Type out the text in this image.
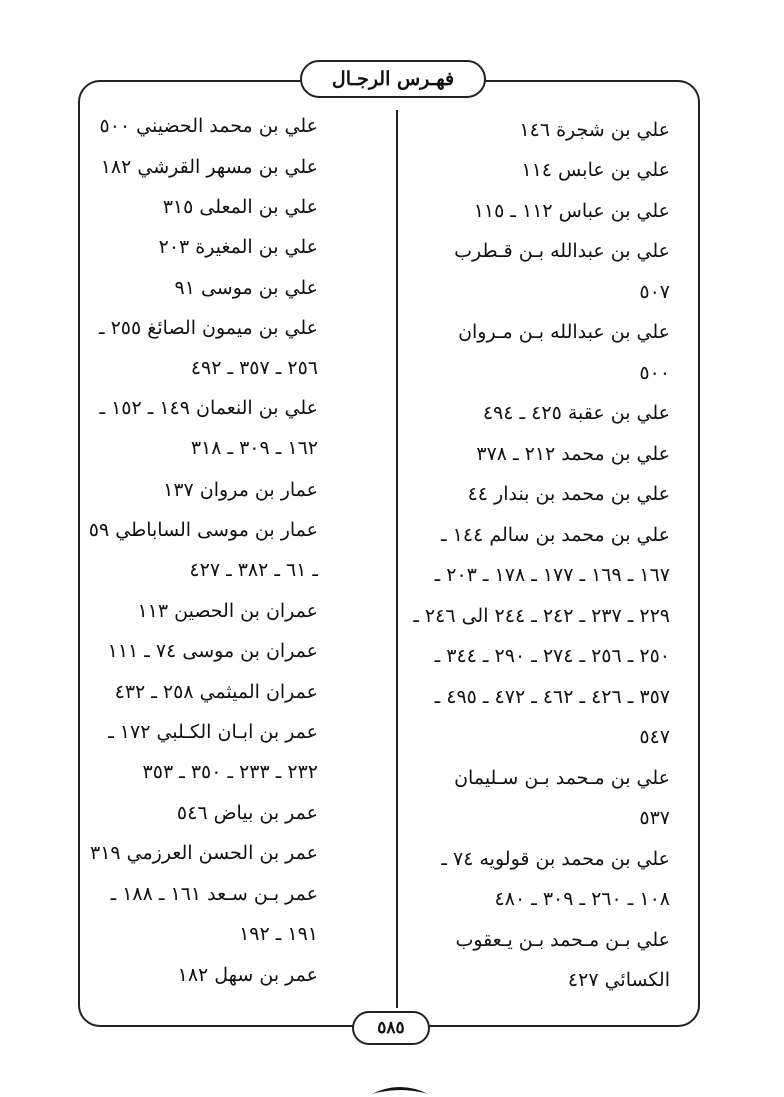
فهـرس الرجـال
علي بن شجرة ١٤٦
علي بن عابس ١١٤
علي بن عباس ١١٢ ـ ١١٥
علي بن عبدالله بـن قـطرب
٥٠٧
علي بن عبدالله بـن مـروان
٥٠٠
علي بن عقبة ٤٢٥ ـ ٤٩٤
علي بن محمد ٢١٢ ـ ٣٧٨
علي بن محمد بن بندار ٤٤
علي بن محمد بن سالم ١٤٤ ـ
١٦٧ ـ ١٦٩ ـ ١٧٧ ـ ١٧٨ ـ ٢٠٣ ـ
٢٢٩ ـ ٢٣٧ ـ ٢٤٢ ـ ٢٤٤ الى ٢٤٦ ـ
٢٥٠ ـ ٢٥٦ ـ ٢٧٤ ـ ٢٩٠ ـ ٣٤٤ ـ
٣٥٧ ـ ٤٢٦ ـ ٤٦٢ ـ ٤٧٢ ـ ٤٩٥ ـ
٥٤٧
علي بن مـحمد بـن سـليمان
٥٣٧
علي بن محمد بن قولويه ٧٤ ـ
١٠٨ ـ ٢٦٠ ـ ٣٠٩ ـ ٤٨٠
علي بـن مـحمد بـن يـعقوب
الكسائي ٤٢٧
علي بن محمد الحضيني ٥٠٠
علي بن مسهر القرشي ١٨٢
علي بن المعلى ٣١٥
علي بن المغيرة ٢٠٣
علي بن موسى ٩١
علي بن ميمون الصائغ ٢٥٥ ـ
٢٥٦ ـ ٣٥٧ ـ ٤٩٢
علي بن النعمان ١٤٩ ـ ١٥٢ ـ
١٦٢ ـ ٣٠٩ ـ ٣١٨
عمار بن مروان ١٣٧
عمار بن موسى الساباطي ٥٩
ـ ٦١ ـ ٣٨٢ ـ ٤٢٧
عمران بن الحصين ١١٣
عمران بن موسى ٧٤ ـ ١١١
عمران الميثمي ٢٥٨ ـ ٤٣٢
عمر بن ابـان الكـلبي ١٧٢ ـ
٢٣٢ ـ ٢٣٣ ـ ٣٥٠ ـ ٣٥٣
عمر بن بياض ٥٤٦
عمر بن الحسن العرزمي ٣١٩
عمر بـن سـعد ١٦١ ـ ١٨٨ ـ
١٩١ ـ ١٩٢
عمر بن سهل ١٨٢
٥٨٥
